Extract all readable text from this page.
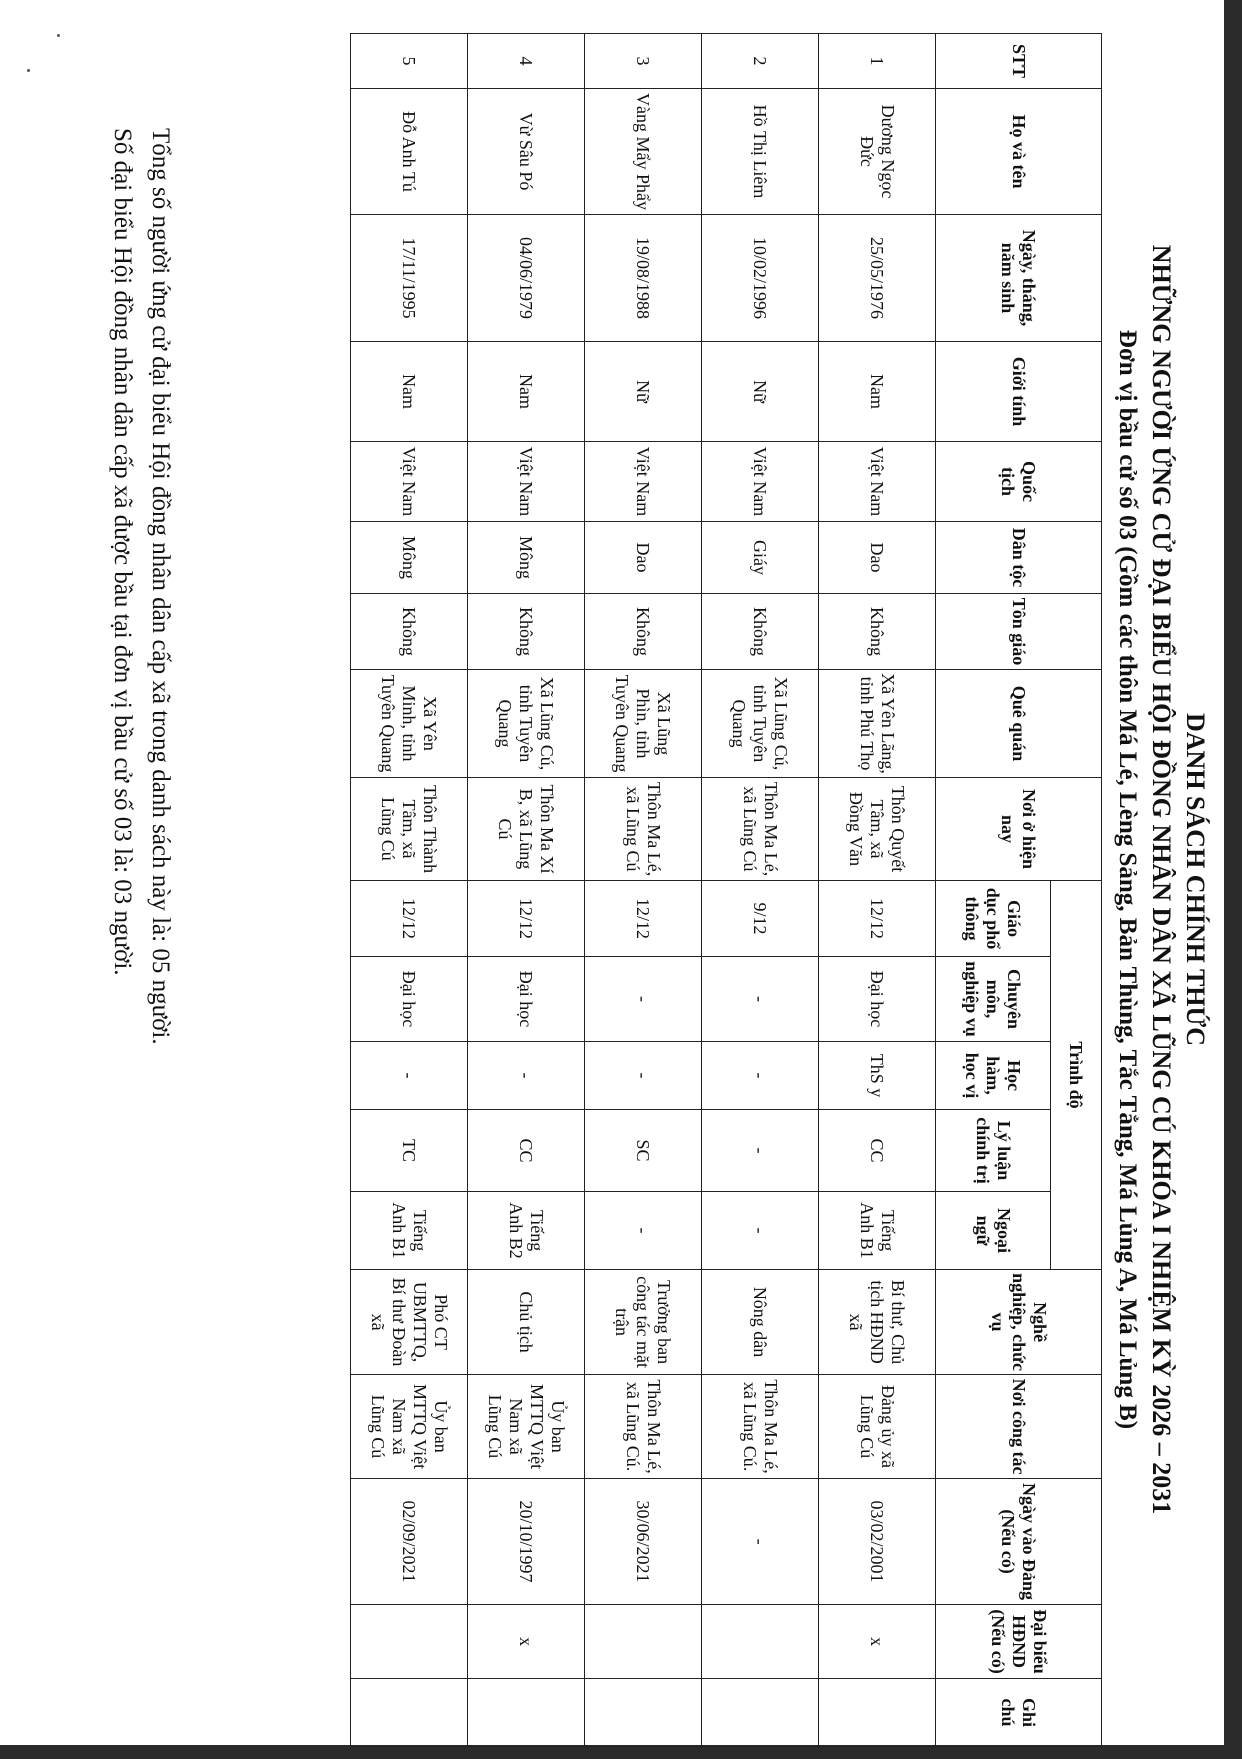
DANH SÁCH CHÍNH THỨC
NHỮNG NGƯỜI ỨNG CỬ ĐẠI BIỂU HỘI ĐỒNG NHÂN DÂN XÃ LŨNG CÚ KHÓA I NHIỆM KỲ 2026 – 2031
Đơn vị bầu cử số 03 (Gồm các thôn Má Lé, Lèng Sảng, Bản Thùng, Tắc Tẳng, Má Lủng A, Má Lủng B)
STT	Họ và tên	Ngày, tháng, năm sinh	Giới tính	Quốc tịch	Dân tộc	Tôn giáo	Quê quán	Nơi ở hiện nay	Trình độ					Nghề nghiệp, chức vụ	Nơi công tác	Ngày vào Đảng (Nếu có)	Đại biểu HĐND (Nếu có)	Ghi chú
									Giáo dục phổ thông	Chuyên môn, nghiệp vụ	Học hàm, học vị	Lý luận chính trị	Ngoại ngữ					
1	Dương Ngọc Đức	25/05/1976	Nam	Việt Nam	Dao	Không	Xã Yên Lãng, tỉnh Phú Thọ	Thôn Quyết Tâm, xã Đồng Văn	12/12	Đại học	ThS y	CC	Tiếng Anh B1	Bí thư, Chủ tịch HĐND xã	Đảng ủy xã Lũng Cú	03/02/2001	x	
2	Hồ Thị Liêm	10/02/1996	Nữ	Việt Nam	Giáy	Không	Xã Lũng Cú, tỉnh Tuyên Quang	Thôn Ma Lé, xã Lũng Cú	9/12	-	-	-	-	Nông dân	Thôn Ma Lé, xã Lũng Cú.	-		
3	Vàng Mẩy Phẩy	19/08/1988	Nữ	Việt Nam	Dao	Không	Xã Lũng Phìn, tỉnh Tuyên Quang	Thôn Ma Lé, xã Lũng Cú	12/12	-	-	SC	-	Trưởng ban công tác mặt trận	Thôn Ma Lé, xã Lũng Cú.	30/06/2021		
4	Vừ Sâu Pó	04/06/1979	Nam	Việt Nam	Mông	Không	Xã Lũng Cú, tỉnh Tuyên Quang	Thôn Ma Xí B, xã Lũng Cú	12/12	Đại học	-	CC	Tiếng Anh B2	Chủ tịch	Ủy ban MTTQ Việt Nam xã Lũng Cú	20/10/1997	x	
5	Đỗ Anh Tú	17/11/1995	Nam	Việt Nam	Mông	Không	Xã Yên Minh, tỉnh Tuyên Quang	Thôn Thành Tâm, xã Lũng Cú	12/12	Đại học	-	TC	Tiếng Anh B1	Phó CT UBMTTQ, Bí thư Đoàn xã	Ủy ban MTTQ Việt Nam xã Lũng Cú	02/09/2021		
Tổng số người ứng cử đại biểu Hội đồng nhân dân cấp xã trong danh sách này là: 05 người.
Số đại biểu Hội đồng nhân dân cấp xã được bầu tại đơn vị bầu cử số 03 là: 03 người.
